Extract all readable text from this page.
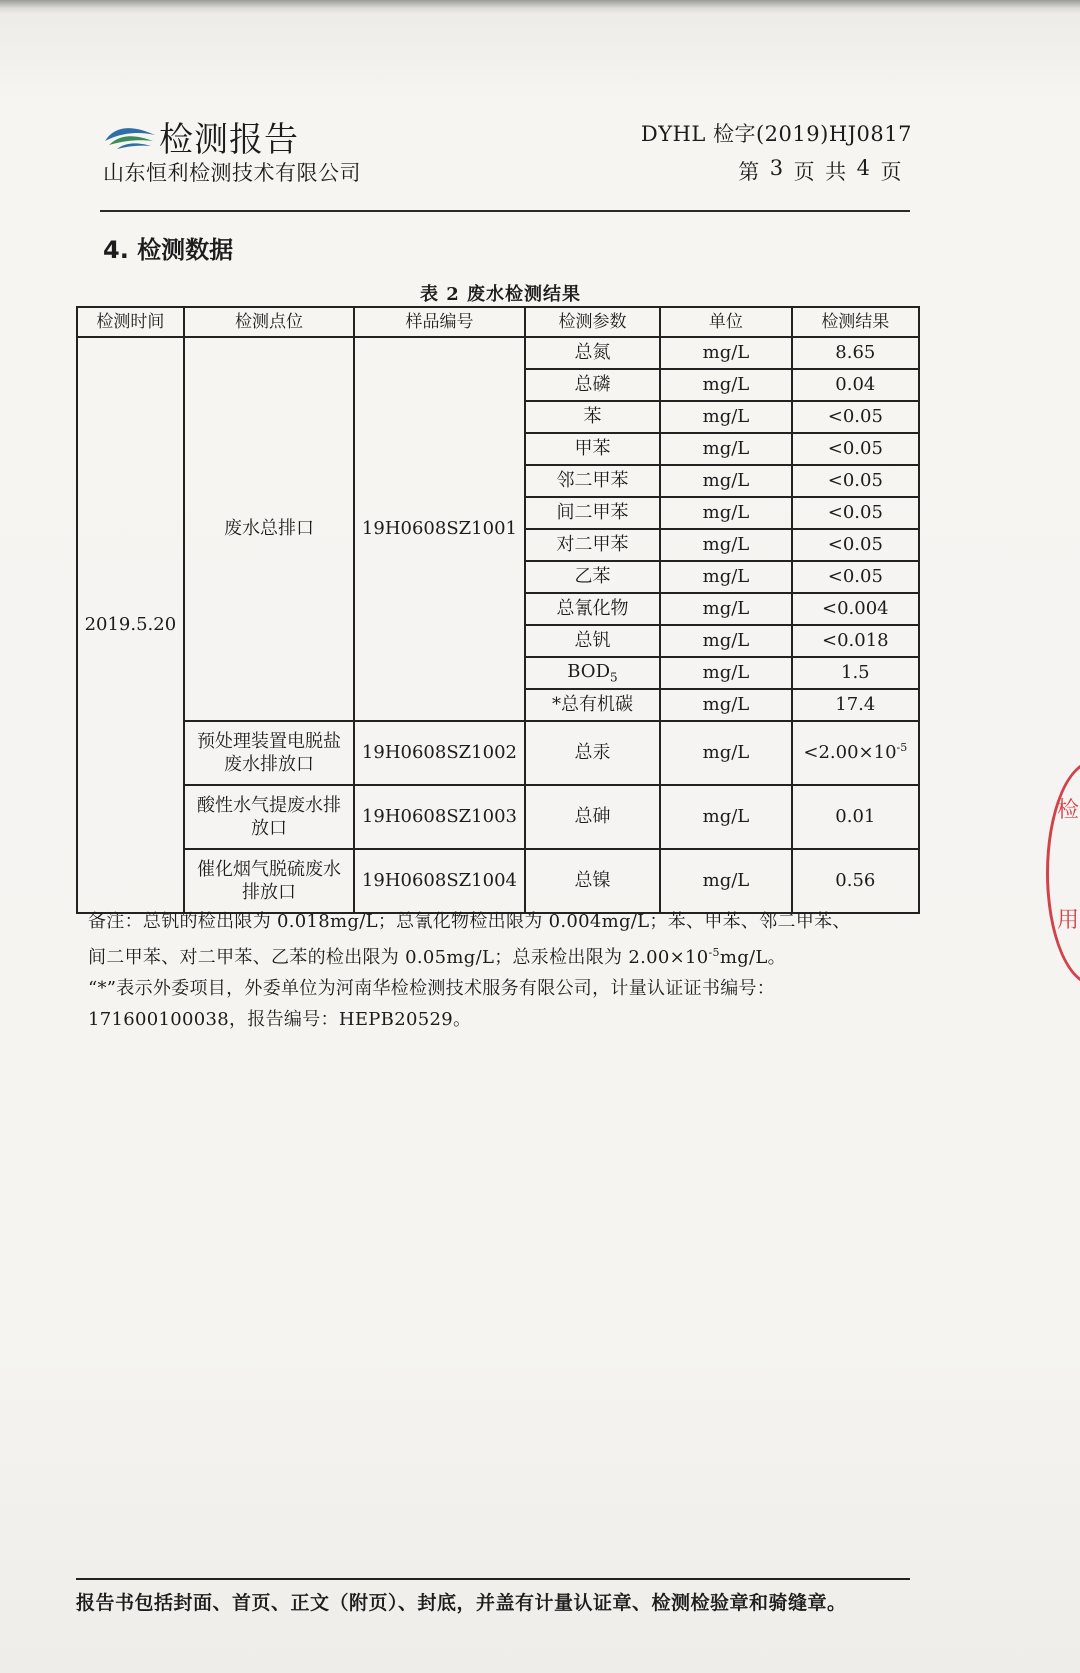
检测报告
山东恒利检测技术有限公司
DYHL 检字(2019)HJ0817
第 3 页 共 4 页
4. 检测数据
表 2 废水检测结果
检测时间	检测点位	样品编号	检测参数	单位	检测结果
2019.5.20	废水总排口	19H0608SZ1001	总氮	mg/L	8.65
			总磷	mg/L	0.04
			苯	mg/L	<0.05
			甲苯	mg/L	<0.05
			邻二甲苯	mg/L	<0.05
			间二甲苯	mg/L	<0.05
			对二甲苯	mg/L	<0.05
			乙苯	mg/L	<0.05
			总氰化物	mg/L	<0.004
			总钒	mg/L	<0.018
			$BOD_5$	mg/L	1.5
			*总有机碳	mg/L	17.4
	预处理装置电脱盐废水排放口	19H0608SZ1002	总汞	mg/L	$<2.00\times 10^{-5}$
	酸性水气提废水排放口	19H0608SZ1003	总砷	mg/L	0.01
	催化烟气脱硫废水排放口	19H0608SZ1004	总镍	mg/L	0.56

备注：总钒的检出限为 0.018mg/L；总氰化物检出限为 0.004mg/L；苯、甲苯、邻二甲苯、

间二甲苯、对二甲苯、乙苯的检出限为 0.05mg/L；总汞检出限为 $2.00\times 10^{-5}mg/L$。

“*”表示外委项目，外委单位为河南华检检测技术服务有限公司，计量认证证书编号：

171600100038，报告编号：HEPB20529。

报告书包括封面、首页、正文（附页）、封底，并盖有计量认证章、检测检验章和骑缝章。
检
用
